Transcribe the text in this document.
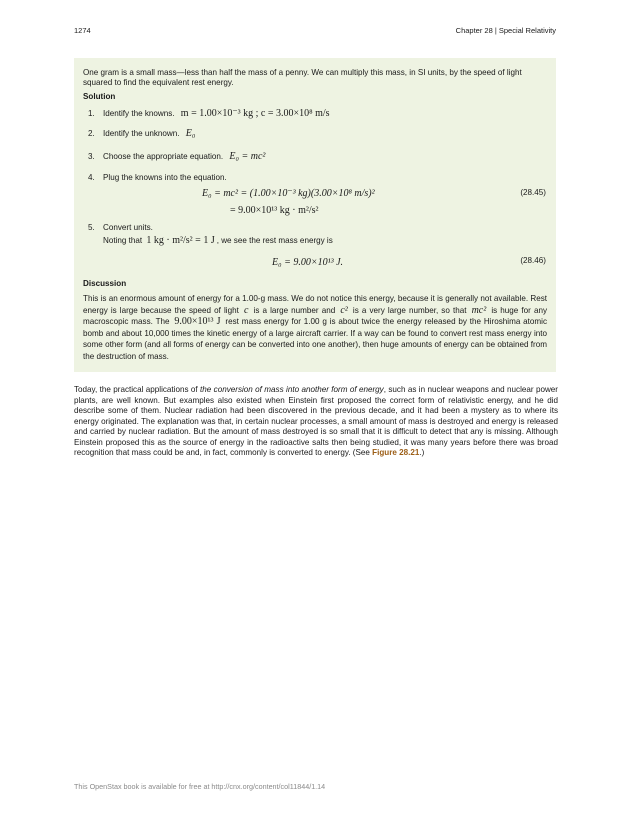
1274	Chapter 28 | Special Relativity
One gram is a small mass—less than half the mass of a penny. We can multiply this mass, in SI units, by the speed of light squared to find the equivalent rest energy.
Solution
1. Identify the knowns. m = 1.00×10⁻³ kg ; c = 3.00×10⁸ m/s
2. Identify the unknown. E₀
3. Choose the appropriate equation. E₀ = mc²
4. Plug the knowns into the equation.
E₀ = mc² = (1.00×10⁻³ kg)(3.00×10⁸ m/s)²	(28.45)
= 9.00×10¹³ kg · m²/s²
5. Convert units.
Noting that 1 kg · m²/s² = 1 J , we see the rest mass energy is
E₀ = 9.00×10¹³ J.	(28.46)
Discussion
This is an enormous amount of energy for a 1.00-g mass. We do not notice this energy, because it is generally not available. Rest energy is large because the speed of light c is a large number and c² is a very large number, so that mc² is huge for any macroscopic mass. The 9.00×10¹³ J rest mass energy for 1.00 g is about twice the energy released by the Hiroshima atomic bomb and about 10,000 times the kinetic energy of a large aircraft carrier. If a way can be found to convert rest mass energy into some other form (and all forms of energy can be converted into one another), then huge amounts of energy can be obtained from the destruction of mass.
Today, the practical applications of the conversion of mass into another form of energy, such as in nuclear weapons and nuclear power plants, are well known. But examples also existed when Einstein first proposed the correct form of relativistic energy, and he did describe some of them. Nuclear radiation had been discovered in the previous decade, and it had been a mystery as to where its energy originated. The explanation was that, in certain nuclear processes, a small amount of mass is destroyed and energy is released and carried by nuclear radiation. But the amount of mass destroyed is so small that it is difficult to detect that any is missing. Although Einstein proposed this as the source of energy in the radioactive salts then being studied, it was many years before there was broad recognition that mass could be and, in fact, commonly is converted to energy. (See Figure 28.21.)
This OpenStax book is available for free at http://cnx.org/content/col11844/1.14
